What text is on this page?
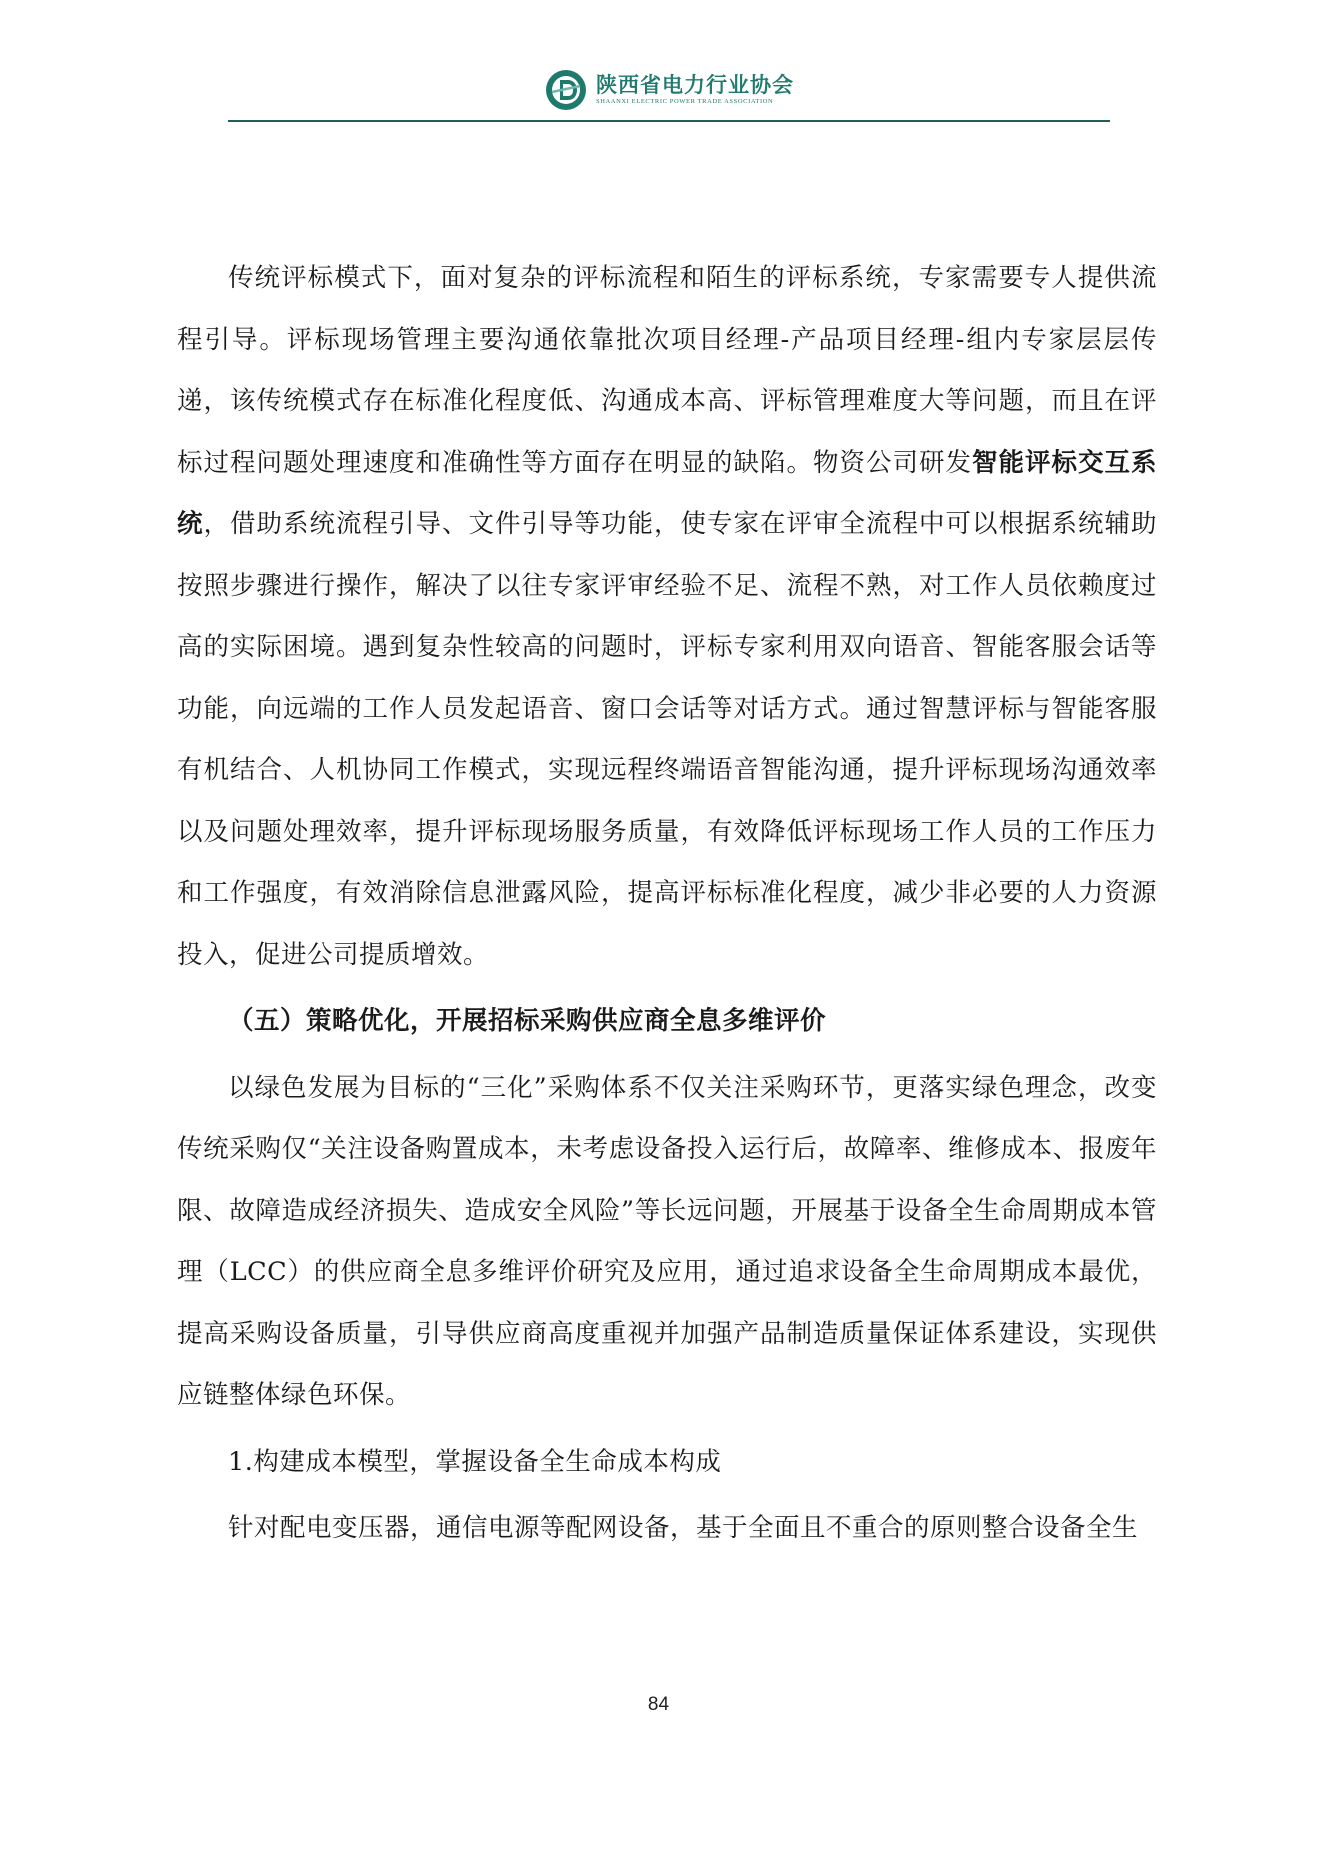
陕西省电力行业协会
SHAANXI ELECTRIC POWER TRADE ASSOCIATION

传统评标模式下，面对复杂的评标流程和陌生的评标系统，专家需要专人提供流程引导。评标现场管理主要沟通依靠批次项目经理-产品项目经理-组内专家层层传递，该传统模式存在标准化程度低、沟通成本高、评标管理难度大等问题，而且在评标过程问题处理速度和准确性等方面存在明显的缺陷。物资公司研发智能评标交互系统，借助系统流程引导、文件引导等功能，使专家在评审全流程中可以根据系统辅助按照步骤进行操作，解决了以往专家评审经验不足、流程不熟，对工作人员依赖度过高的实际困境。遇到复杂性较高的问题时，评标专家利用双向语音、智能客服会话等功能，向远端的工作人员发起语音、窗口会话等对话方式。通过智慧评标与智能客服有机结合、人机协同工作模式，实现远程终端语音智能沟通，提升评标现场沟通效率以及问题处理效率，提升评标现场服务质量，有效降低评标现场工作人员的工作压力和工作强度，有效消除信息泄露风险，提高评标标准化程度，减少非必要的人力资源投入，促进公司提质增效。

（五）策略优化，开展招标采购供应商全息多维评价

以绿色发展为目标的“三化”采购体系不仅关注采购环节，更落实绿色理念，改变传统采购仅“关注设备购置成本，未考虑设备投入运行后，故障率、维修成本、报废年限、故障造成经济损失、造成安全风险”等长远问题，开展基于设备全生命周期成本管理（LCC）的供应商全息多维评价研究及应用，通过追求设备全生命周期成本最优，提高采购设备质量，引导供应商高度重视并加强产品制造质量保证体系建设，实现供应链整体绿色环保。

1.构建成本模型，掌握设备全生命成本构成

针对配电变压器，通信电源等配网设备，基于全面且不重合的原则整合设备全生

84
